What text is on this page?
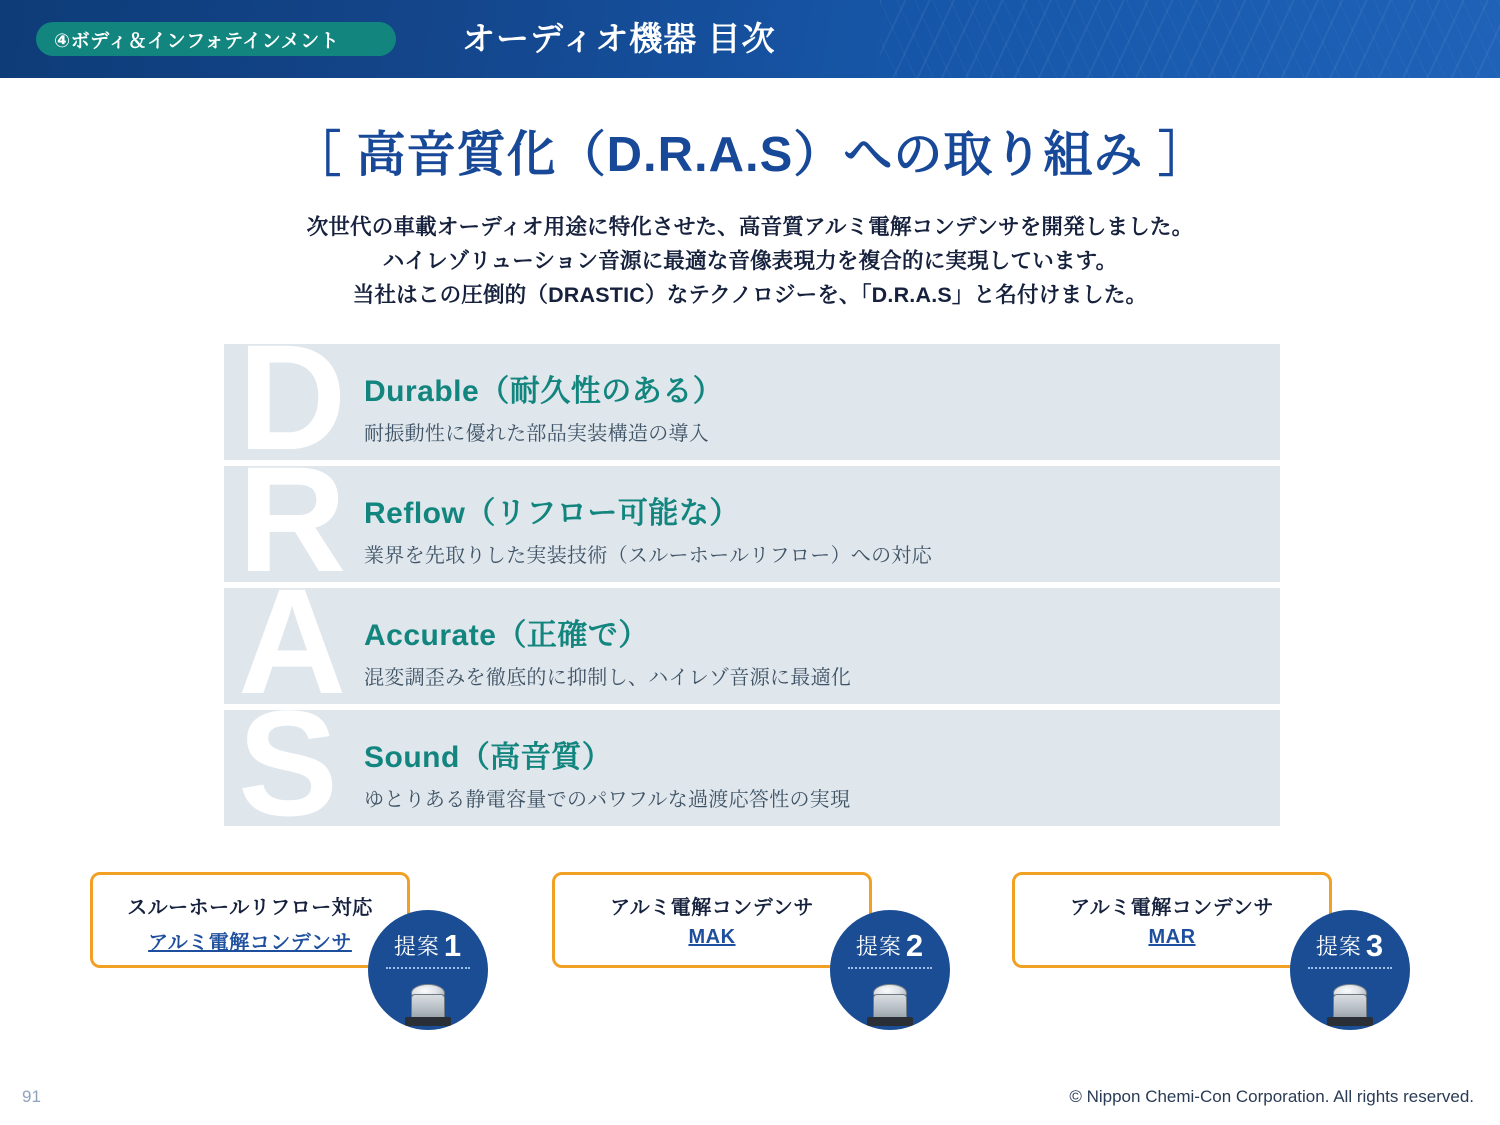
④ボディ＆インフォテインメント	オーディオ機器 目次
［ 高音質化（D.R.A.S）への取り組み ］
次世代の車載オーディオ用途に特化させた、高音質アルミ電解コンデンサを開発しました。
ハイレゾリューション音源に最適な音像表現力を複合的に実現しています。
当社はこの圧倒的（DRASTIC）なテクノロジーを、「D.R.A.S」と名付けました。
D Durable（耐久性のある）
耐振動性に優れた部品実装構造の導入
R Reflow（リフロー可能な）
業界を先取りした実装技術（スルーホールリフロー）への対応
A Accurate（正確で）
混変調歪みを徹底的に抑制し、ハイレゾ音源に最適化
S Sound（高音質）
ゆとりある静電容量でのパワフルな過渡応答性の実現
スルーホールリフロー対応
アルミ電解コンデンサ	提案 1
アルミ電解コンデンサ
MAK	提案 2
アルミ電解コンデンサ
MAR	提案 3
91	© Nippon Chemi-Con Corporation. All rights reserved.
